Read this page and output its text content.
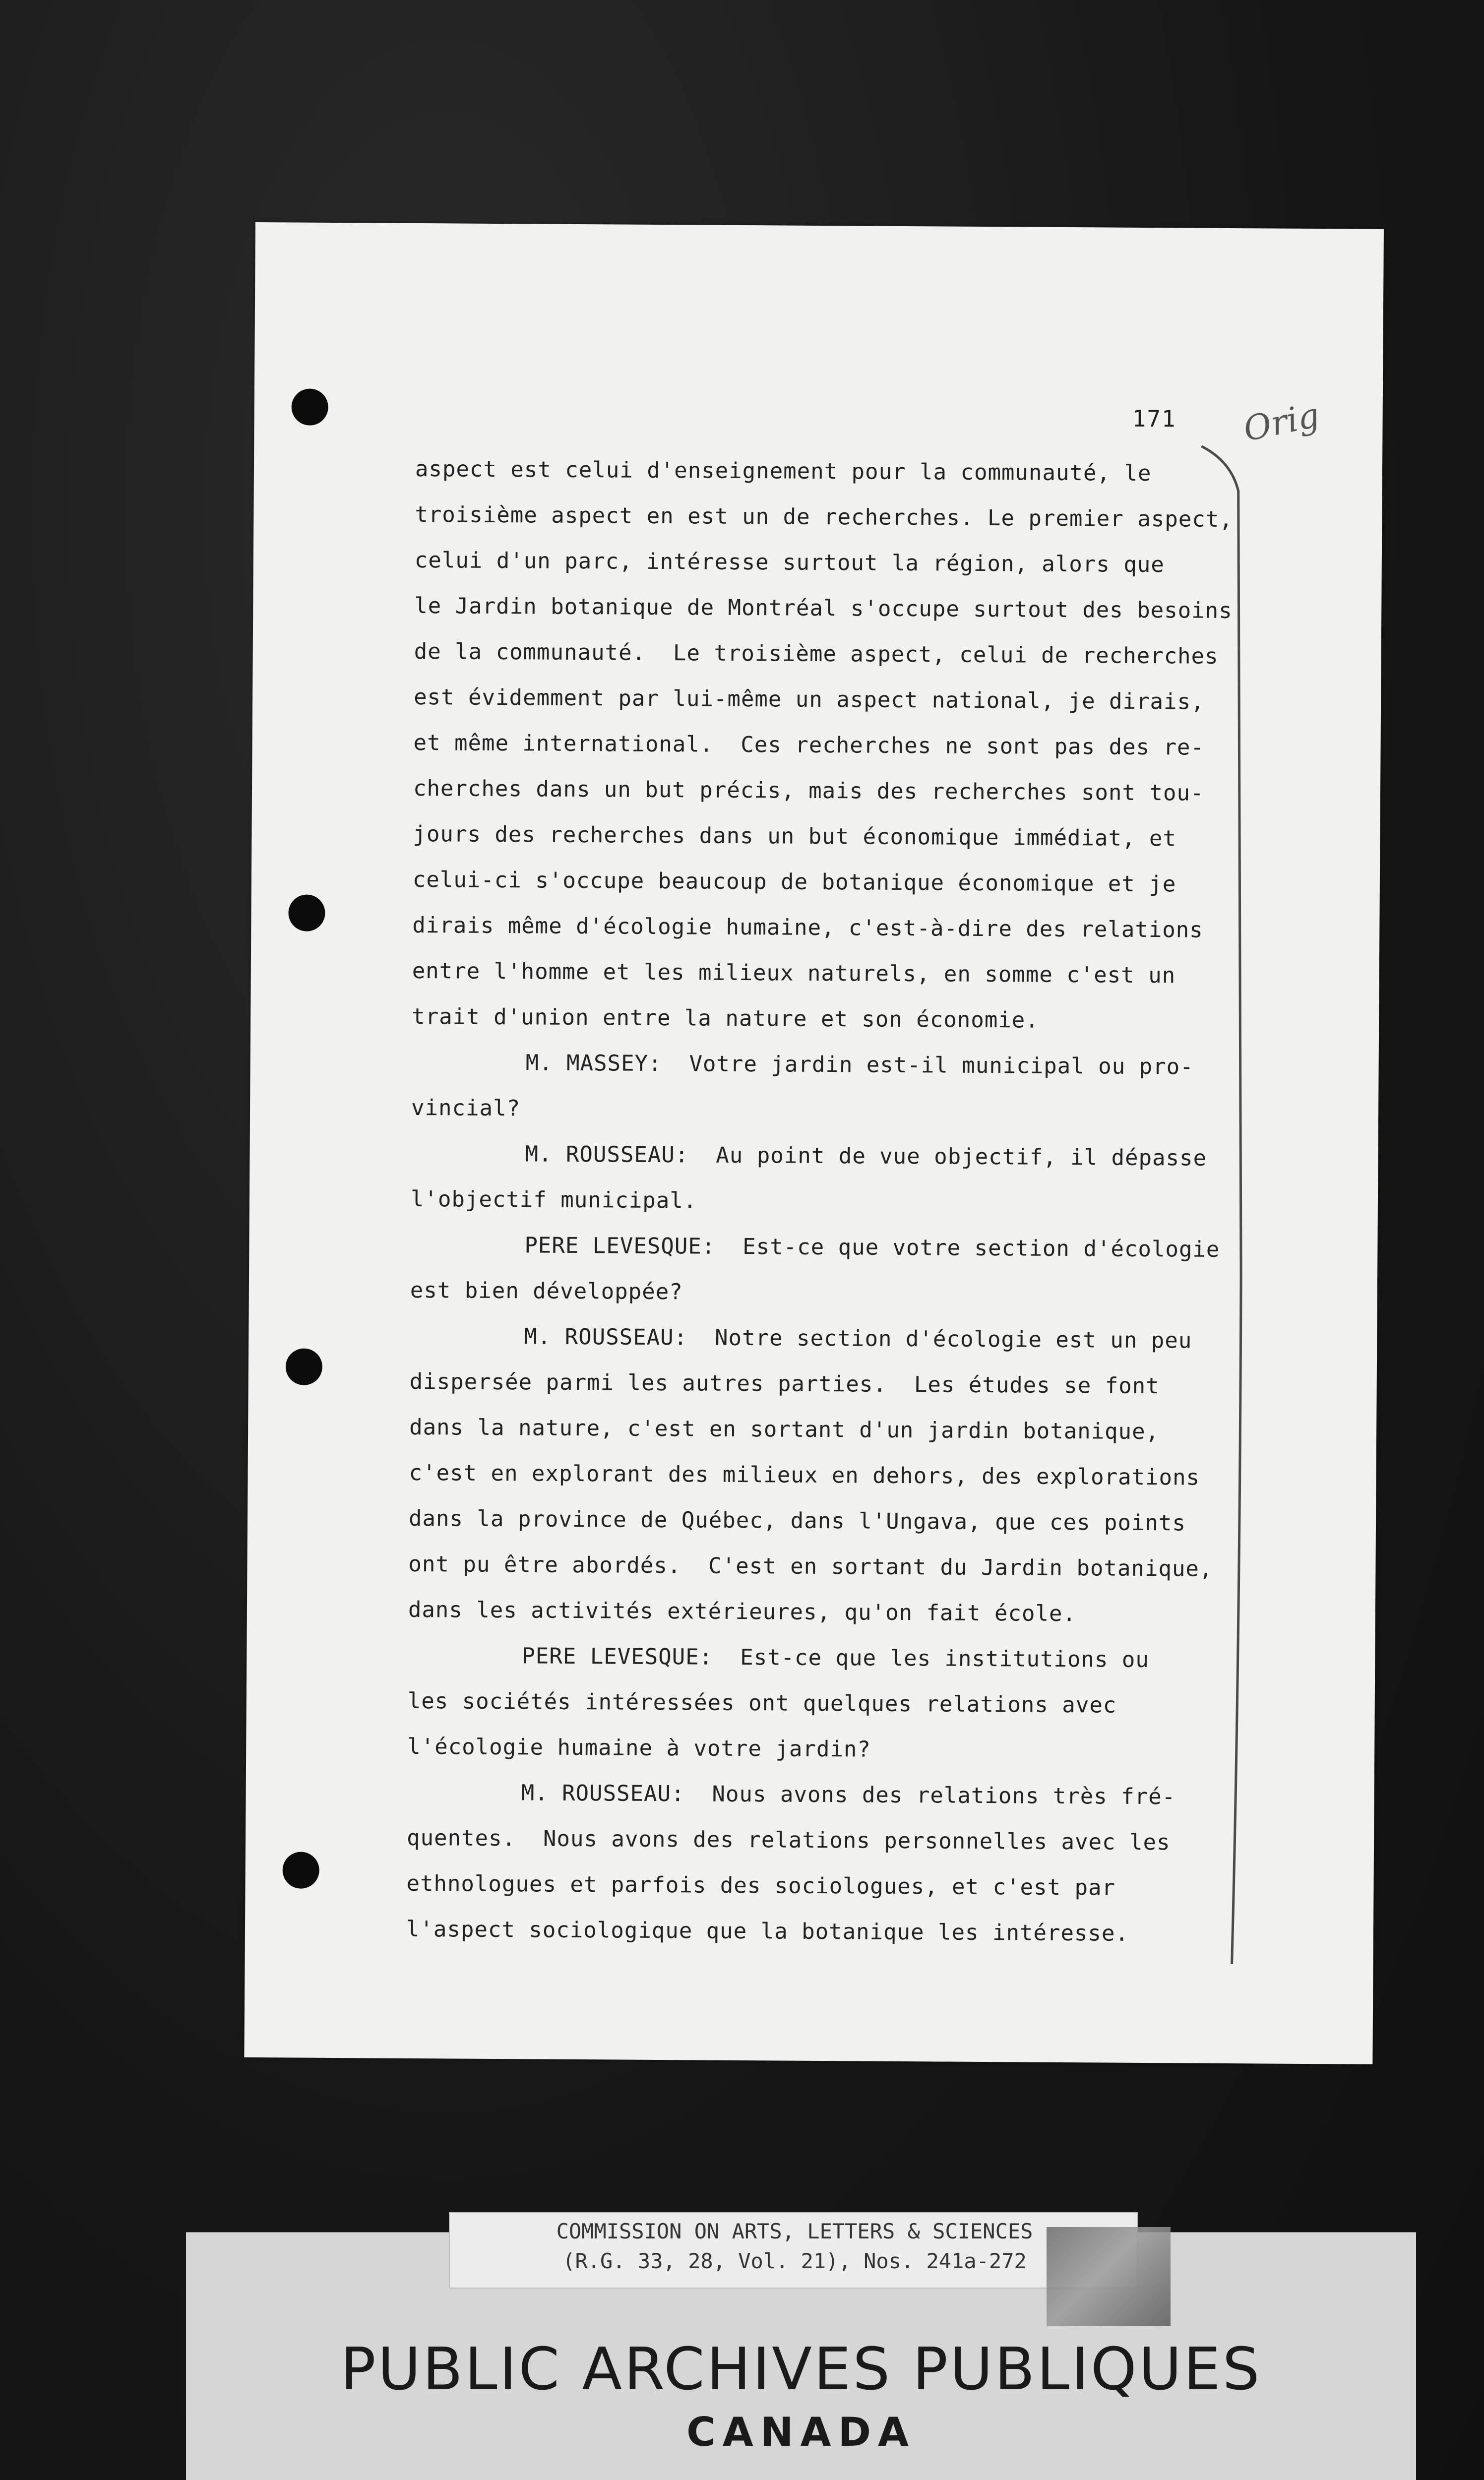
171 Orig
aspect est celui d'enseignement pour la communauté, le
troisième aspect en est un de recherches. Le premier aspect,
celui d'un parc, intéresse surtout la région, alors que
le Jardin botanique de Montréal s'occupe surtout des besoins
de la communauté.  Le troisième aspect, celui de recherches
est évidemment par lui-même un aspect national, je dirais,
et même international.  Ces recherches ne sont pas des re-
cherches dans un but précis, mais des recherches sont tou-
jours des recherches dans un but économique immédiat, et
celui-ci s'occupe beaucoup de botanique économique et je
dirais même d'écologie humaine, c'est-à-dire des relations
entre l'homme et les milieux naturels, en somme c'est un
trait d'union entre la nature et son économie.
M. MASSEY:  Votre jardin est-il municipal ou pro-
vincial?
M. ROUSSEAU:  Au point de vue objectif, il dépasse
l'objectif municipal.
PERE LEVESQUE:  Est-ce que votre section d'écologie
est bien développée?
M. ROUSSEAU:  Notre section d'écologie est un peu
dispersée parmi les autres parties.  Les études se font
dans la nature, c'est en sortant d'un jardin botanique,
c'est en explorant des milieux en dehors, des explorations
dans la province de Québec, dans l'Ungava, que ces points
ont pu être abordés.  C'est en sortant du Jardin botanique,
dans les activités extérieures, qu'on fait école.
PERE LEVESQUE:  Est-ce que les institutions ou
les sociétés intéressées ont quelques relations avec
l'écologie humaine à votre jardin?
M. ROUSSEAU:  Nous avons des relations très fré-
quentes.  Nous avons des relations personnelles avec les
ethnologues et parfois des sociologues, et c'est par
l'aspect sociologique que la botanique les intéresse.
PUBLIC ARCHIVES PUBLIQUES
CANADA
COMMISSION ON ARTS, LETTERS & SCIENCES
(R.G. 33, 28, Vol. 21), Nos. 241a-272
